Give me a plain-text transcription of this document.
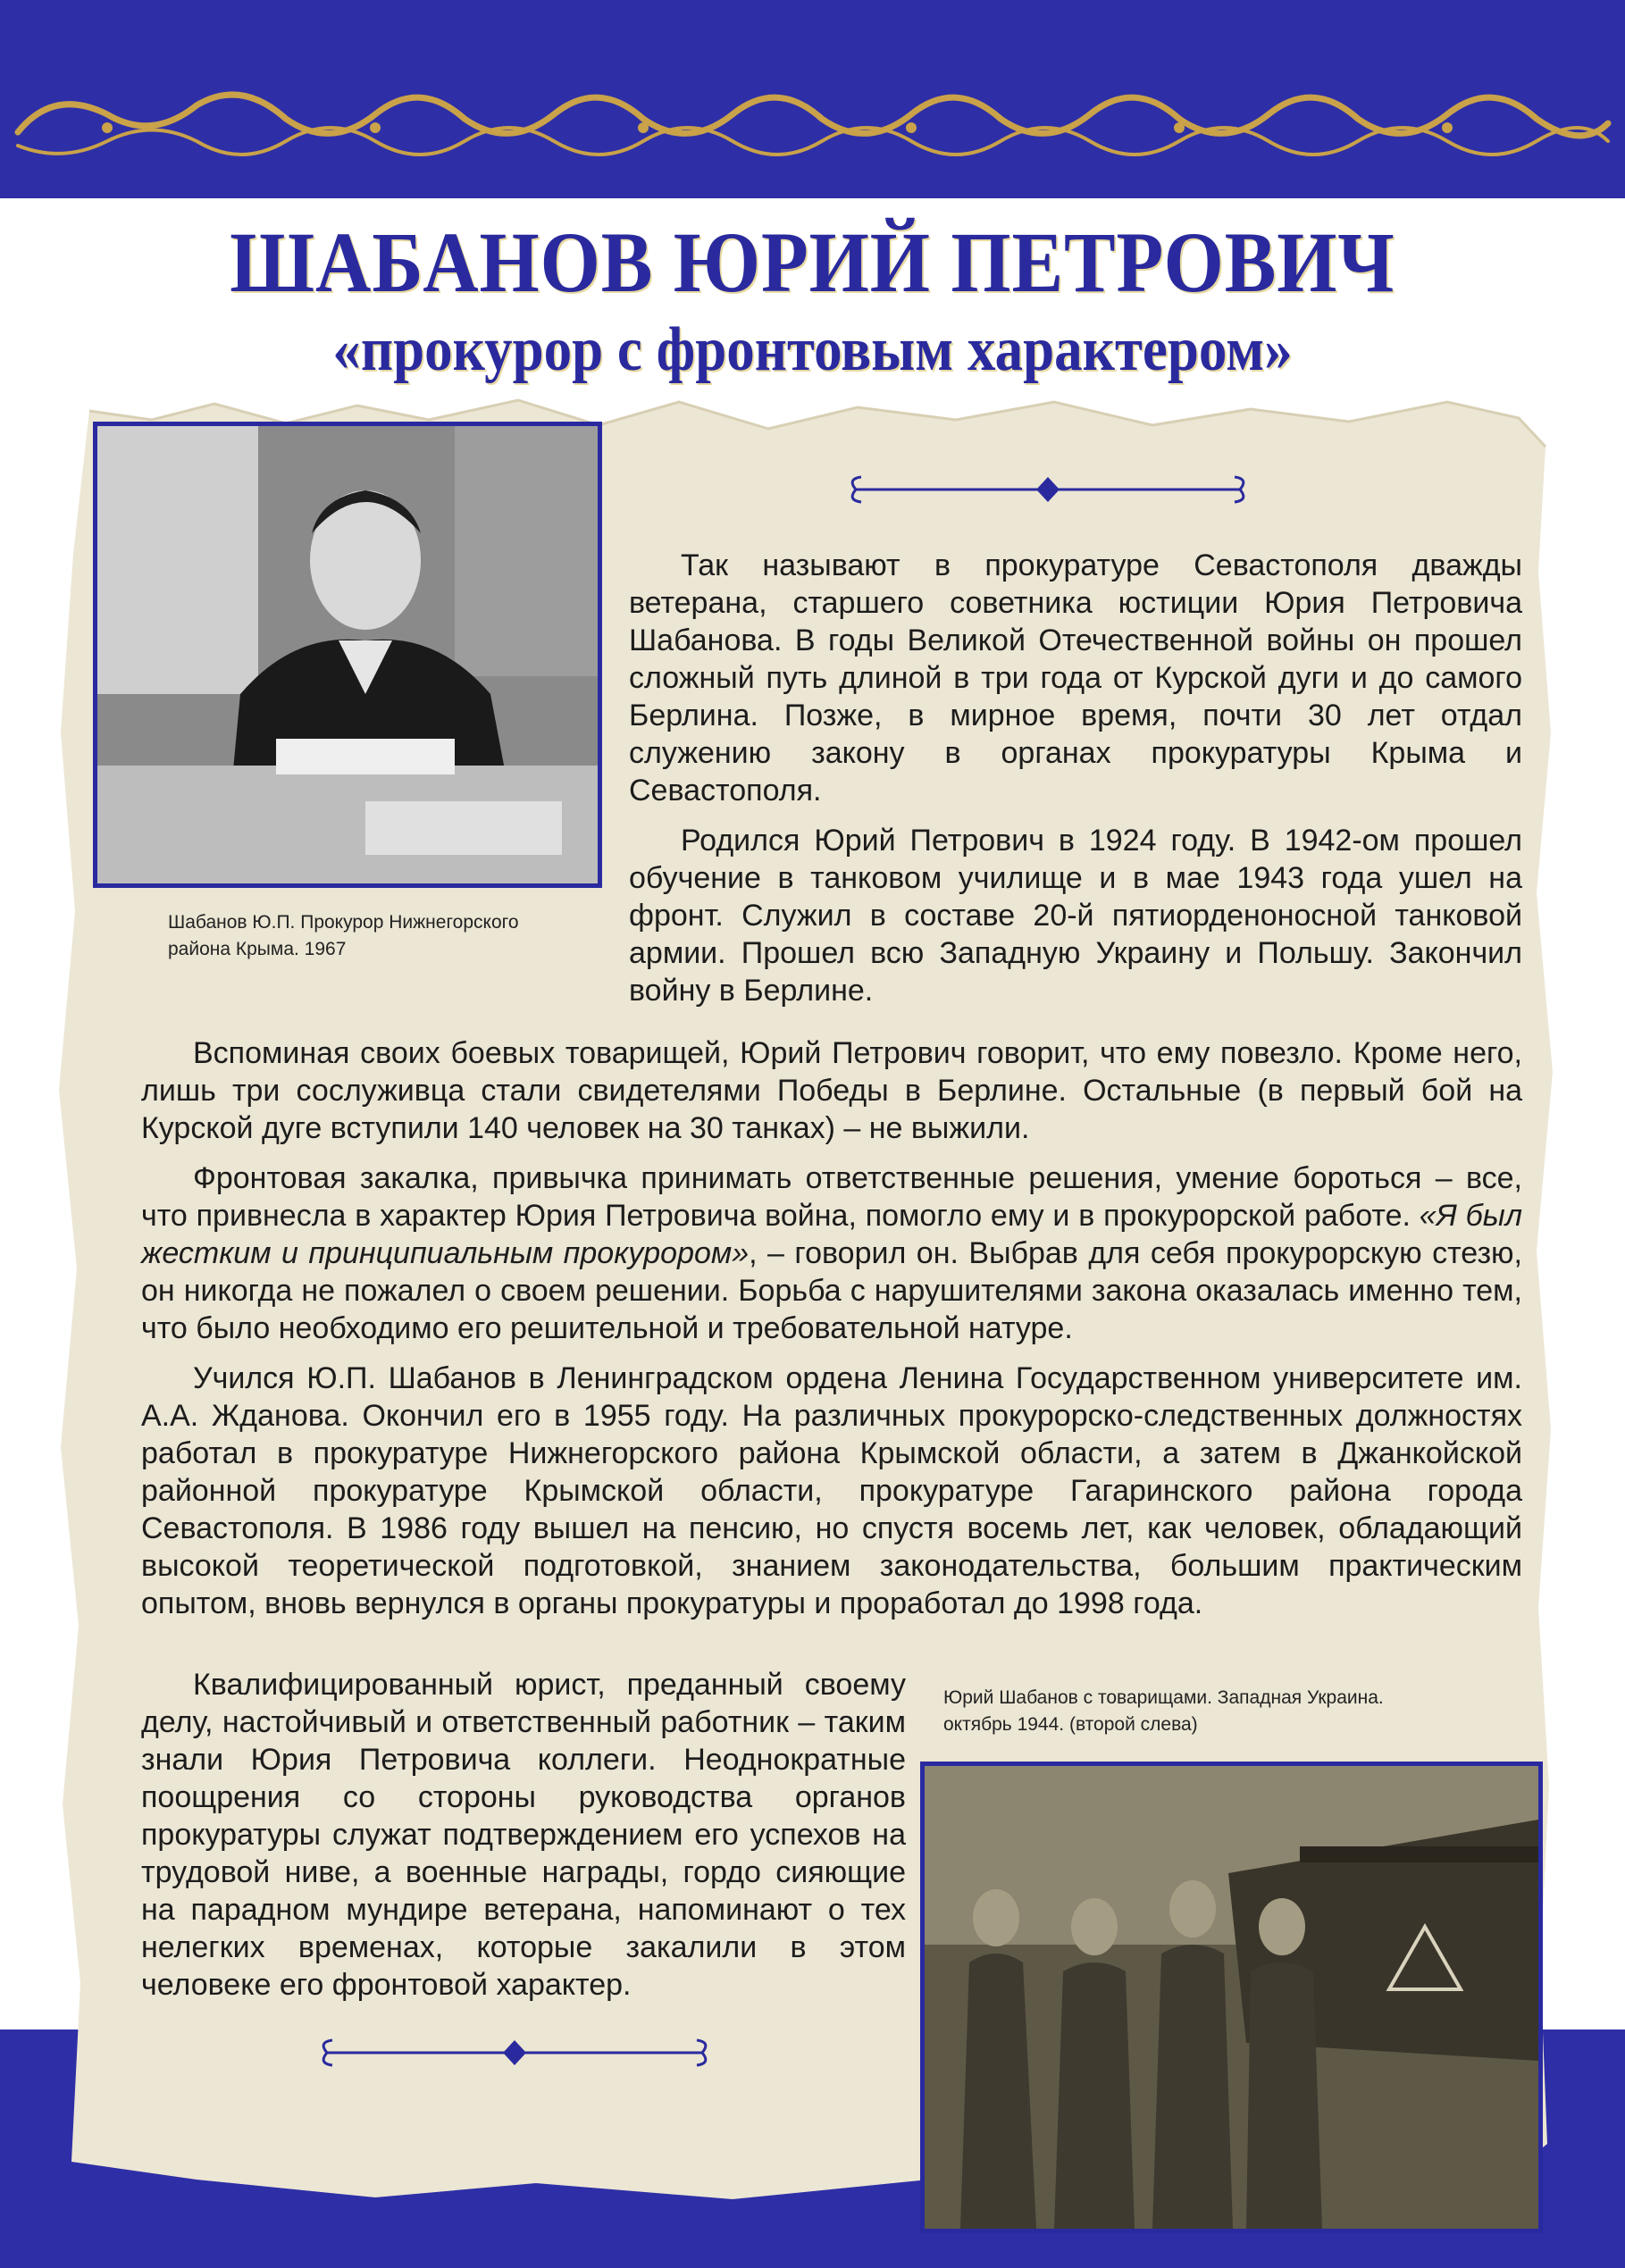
ШАБАНОВ ЮРИЙ ПЕТРОВИЧ
«прокурор с фронтовым характером»
Шабанов Ю.П. Прокурор Нижнегорского
района Крыма. 1967

Так называют в прокуратуре Севастополя дважды ветерана, старшего советника юстиции Юрия Петровича Шабанова. В годы Великой Отечественной войны он прошел сложный путь длиной в три года от Курской дуги и до самого Берлина. Позже, в мирное время, почти 30 лет отдал служению закону в органах прокуратуры Крыма и Севастополя.

Родился Юрий Петрович в 1924 году. В 1942-ом прошел обучение в танковом училище и в мае 1943 года ушел на фронт. Служил в составе 20-й пятиорденоносной танковой армии. Прошел всю Западную Украину и Польшу. Закончил войну в Берлине.

Вспоминая своих боевых товарищей, Юрий Петрович говорит, что ему повезло. Кроме него, лишь три сослуживца стали свидетелями Победы в Берлине. Остальные (в первый бой на Курской дуге вступили 140 человек на 30 танках) – не выжили.

Фронтовая закалка, привычка принимать ответственные решения, умение бороться – все, что привнесла в характер Юрия Петровича война, помогло ему и в прокурорской работе. «Я был жестким и принципиальным прокурором», – говорил он. Выбрав для себя прокурорскую стезю, он никогда не пожалел о своем решении. Борьба с нарушителями закона оказалась именно тем, что было необходимо его решительной и требовательной натуре.

Учился Ю.П. Шабанов в Ленинградском ордена Ленина Государственном университете им. А.А. Жданова. Окончил его в 1955 году. На различных прокурорско-следственных должностях работал в прокуратуре Нижнегорского района Крымской области, а затем в Джанкойской районной прокуратуре Крымской области, прокуратуре Гагаринского района города Севастополя. В 1986 году вышел на пенсию, но спустя восемь лет, как человек, обладающий высокой теоретической подготовкой, знанием законодательства, большим практическим опытом, вновь вернулся в органы прокуратуры и проработал до 1998 года.

Квалифицированный юрист, преданный своему делу, настойчивый и ответственный работник – таким знали Юрия Петровича коллеги. Неоднократные поощрения со стороны руководства органов прокуратуры служат подтверждением его успехов на трудовой ниве, а военные награды, гордо сияющие на парадном мундире ветерана, напоминают о тех нелегких временах, которые закалили в этом человеке его фронтовой характер.

Юрий Шабанов с товарищами. Западная Украина.
октябрь 1944. (второй слева)
